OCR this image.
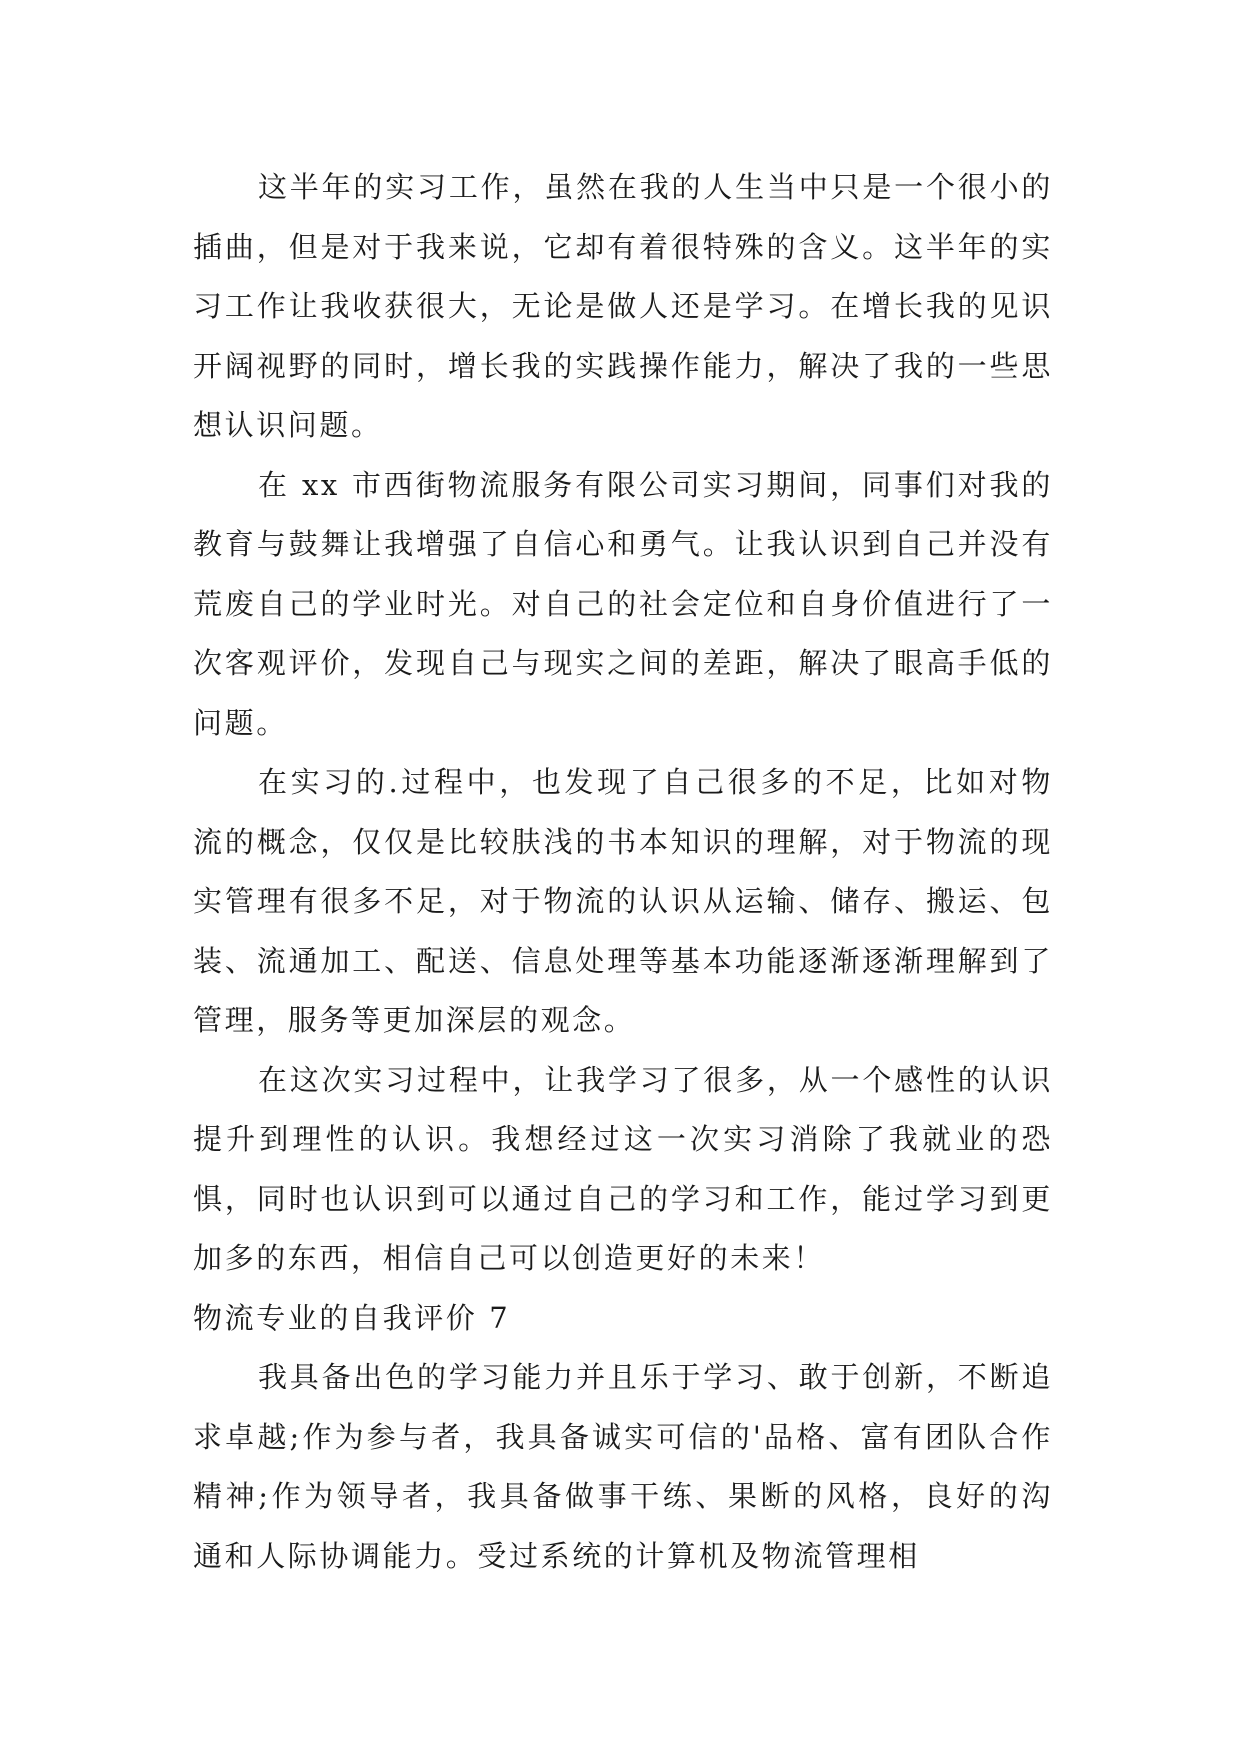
这半年的实习工作，虽然在我的人生当中只是一个很小的插曲，但是对于我来说，它却有着很特殊的含义。这半年的实习工作让我收获很大，无论是做人还是学习。在增长我的见识开阔视野的同时，增长我的实践操作能力，解决了我的一些思想认识问题。

在 xx 市西街物流服务有限公司实习期间，同事们对我的教育与鼓舞让我增强了自信心和勇气。让我认识到自己并没有荒废自己的学业时光。对自己的社会定位和自身价值进行了一次客观评价，发现自己与现实之间的差距，解决了眼高手低的问题。

在实习的.过程中，也发现了自己很多的不足，比如对物流的概念，仅仅是比较肤浅的书本知识的理解，对于物流的现实管理有很多不足，对于物流的认识从运输、储存、搬运、包装、流通加工、配送、信息处理等基本功能逐渐逐渐理解到了管理，服务等更加深层的观念。

在这次实习过程中，让我学习了很多，从一个感性的认识提升到理性的认识。我想经过这一次实习消除了我就业的恐惧，同时也认识到可以通过自己的学习和工作，能过学习到更加多的东西，相信自己可以创造更好的未来！

物流专业的自我评价 7

我具备出色的学习能力并且乐于学习、敢于创新，不断追求卓越;作为参与者，我具备诚实可信的'品格、富有团队合作精神;作为领导者，我具备做事干练、果断的风格，良好的沟通和人际协调能力。受过系统的计算机及物流管理相
